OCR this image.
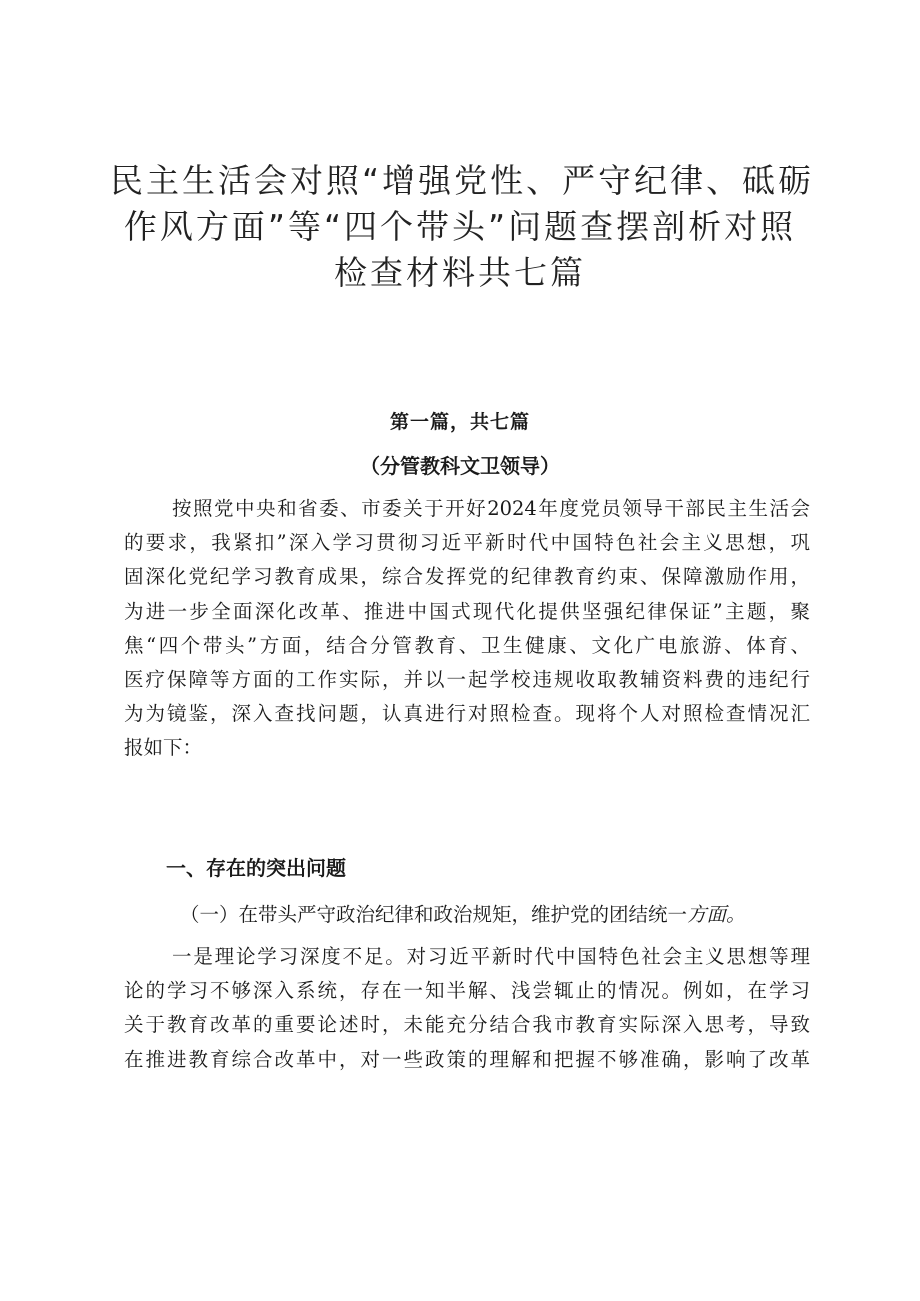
民主生活会对照“增强党性、严守纪律、砥砺
作风方面”等“四个带头”问题查摆剖析对照
检查材料共七篇
第一篇，共七篇
（分管教科文卫领导）
按照党中央和省委、市委关于开好2024年度党员领导干部民主生活会
的要求，我紧扣”深入学习贯彻习近平新时代中国特色社会主义思想，巩
固深化党纪学习教育成果，综合发挥党的纪律教育约束、保障激励作用，
为进一步全面深化改革、推进中国式现代化提供坚强纪律保证”主题，聚
焦“四个带头”方面，结合分管教育、卫生健康、文化广电旅游、体育、
医疗保障等方面的工作实际，并以一起学校违规收取教辅资料费的违纪行
为为镜鉴，深入查找问题，认真进行对照检查。现将个人对照检查情况汇
报如下：
一、存在的突出问题
（一）在带头严守政治纪律和政治规矩，维护党的团结统一方面。
一是理论学习深度不足。对习近平新时代中国特色社会主义思想等理
论的学习不够深入系统，存在一知半解、浅尝辄止的情况。例如，在学习
关于教育改革的重要论述时，未能充分结合我市教育实际深入思考，导致
在推进教育综合改革中，对一些政策的理解和把握不够准确，影响了改革
